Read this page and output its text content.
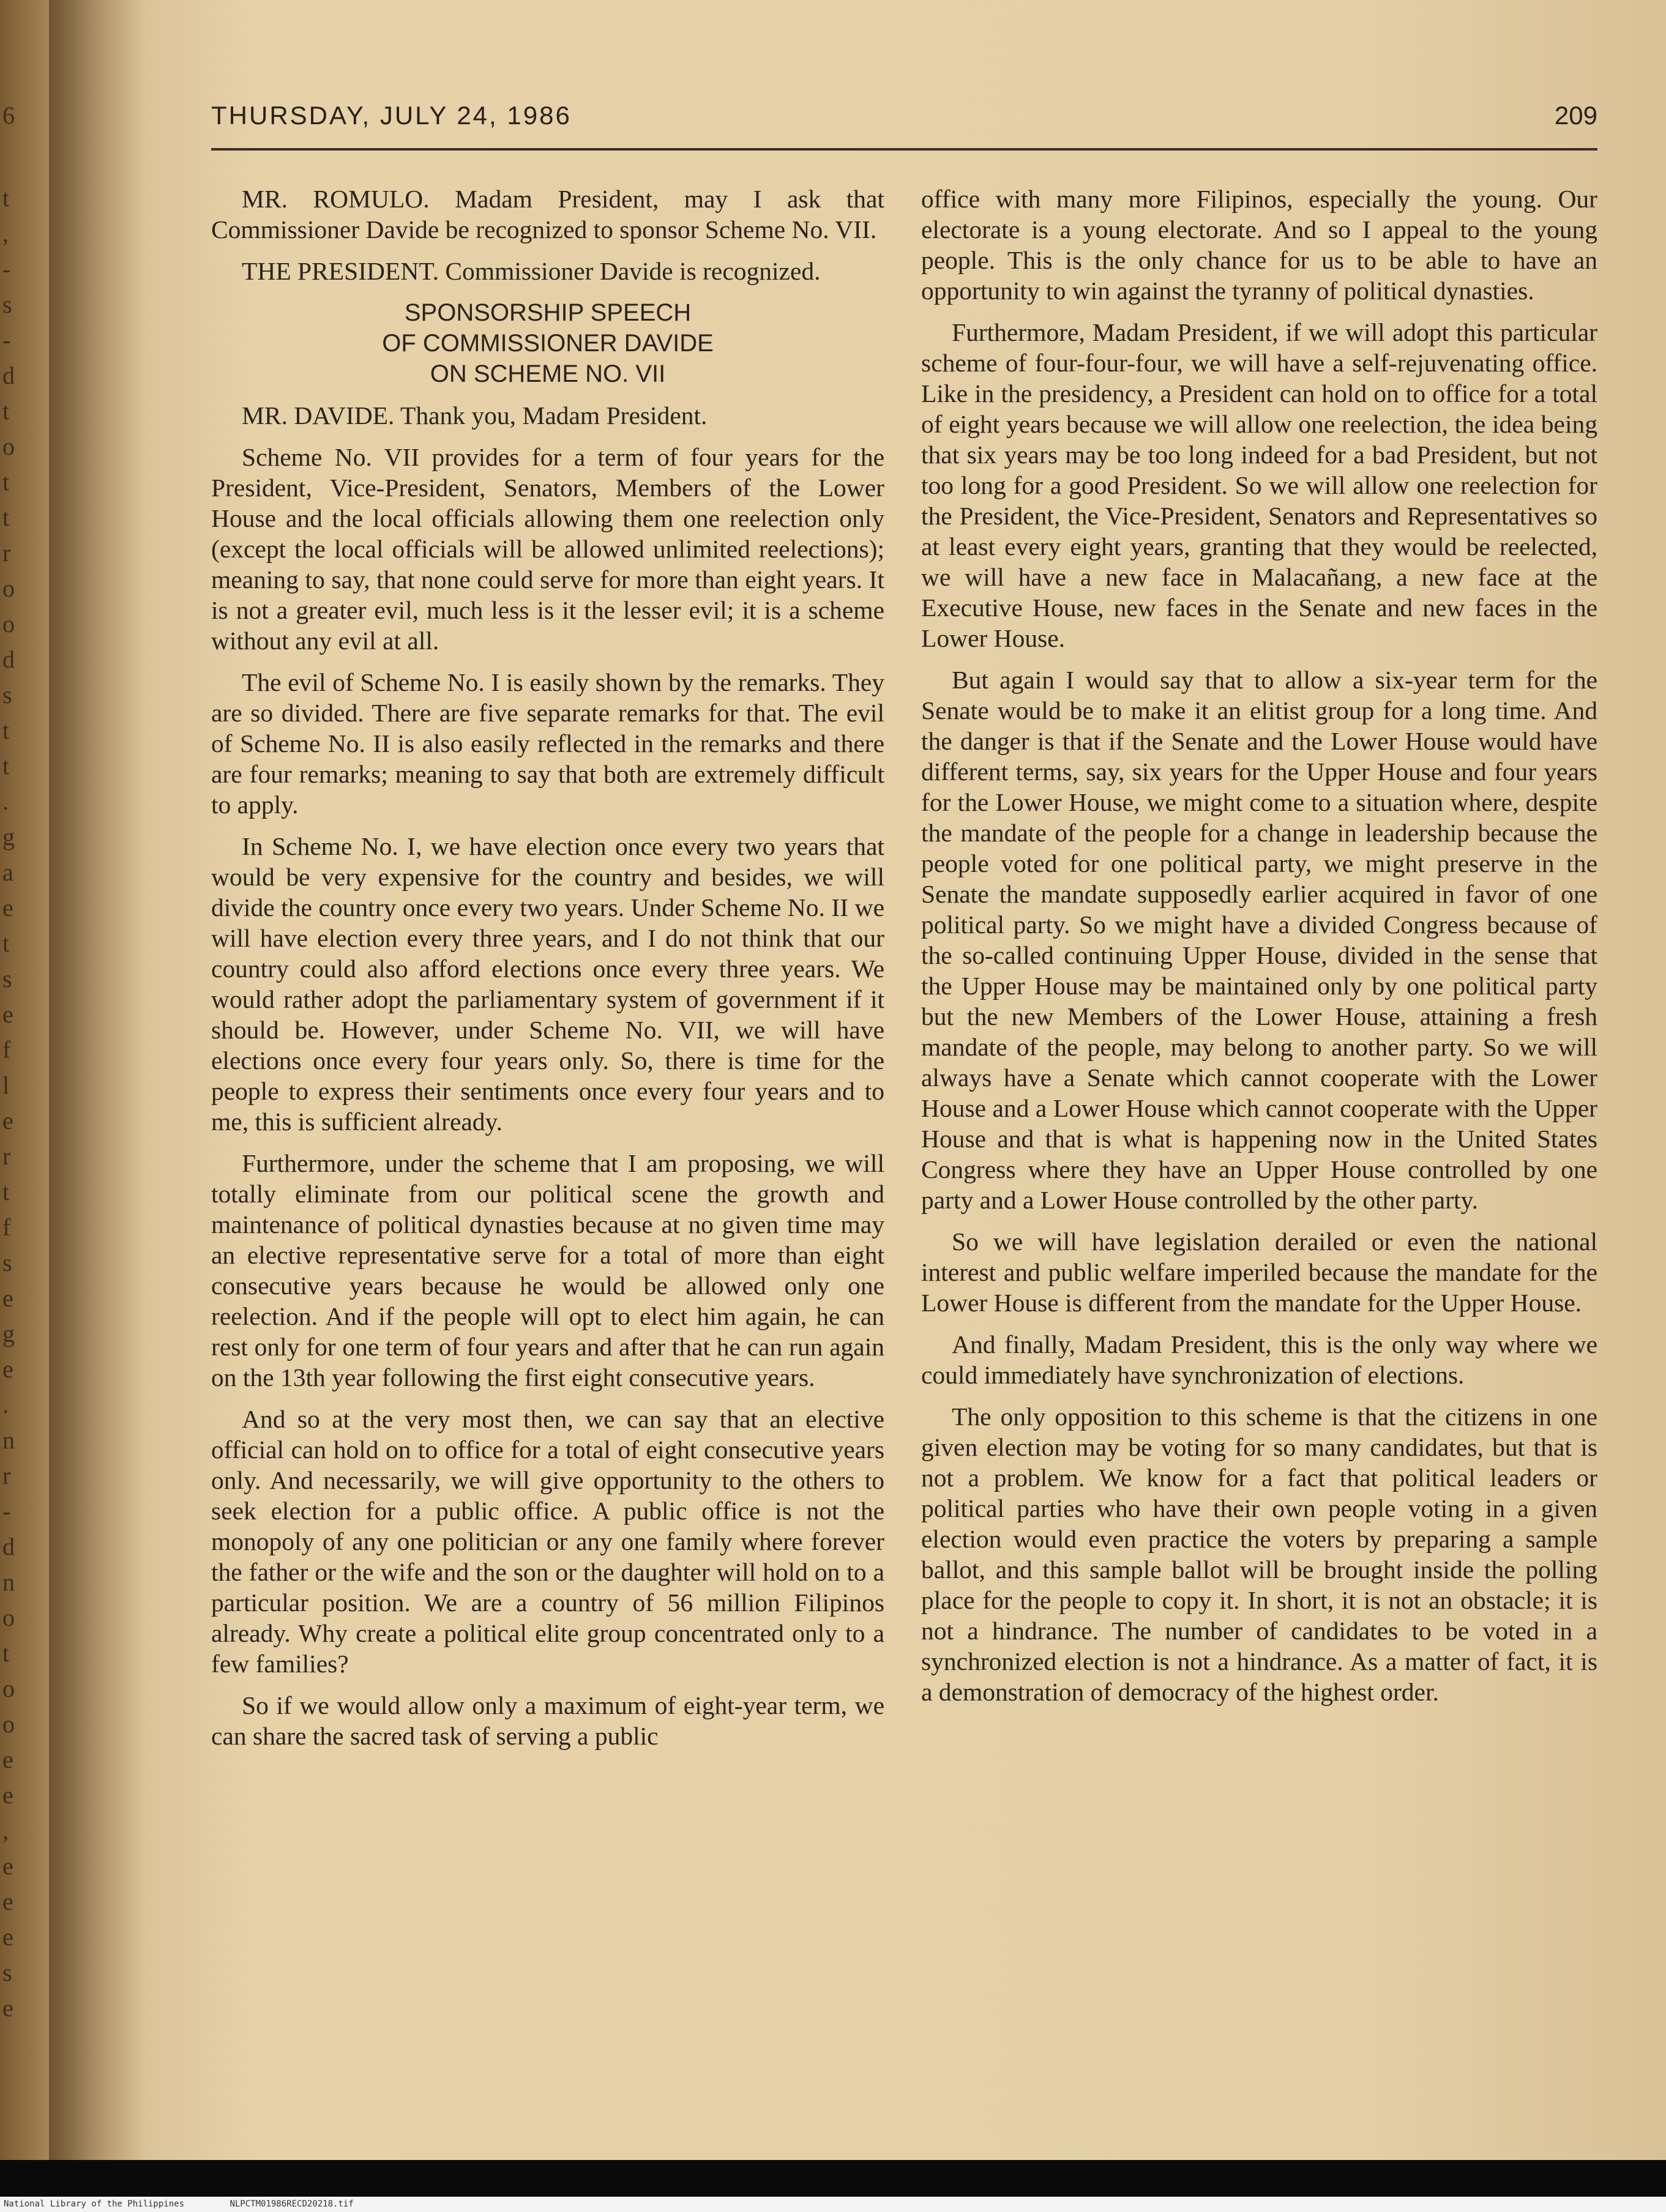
6
t
,
-
s
-
d
t
o
t
t
r
o
o
d
s
t
t
.
g
a
e
t
s
e
f
l
e
r
t
f
s
e
g
e
.
n
r
-
d
n
o
t
o
o
e
e
,
e
e
e
s
e
THURSDAY, JULY 24, 1986	209

MR. ROMULO. Madam President, may I ask that Commissioner Davide be recognized to sponsor Scheme No. VII.

THE PRESIDENT. Commissioner Davide is recognized.

SPONSORSHIP SPEECH
OF COMMISSIONER DAVIDE
ON SCHEME NO. VII

MR. DAVIDE. Thank you, Madam President.

Scheme No. VII provides for a term of four years for the President, Vice-President, Senators, Members of the Lower House and the local officials allowing them one reelection only (except the local officials will be allowed unlimited reelections); meaning to say, that none could serve for more than eight years. It is not a greater evil, much less is it the lesser evil; it is a scheme without any evil at all.

The evil of Scheme No. I is easily shown by the remarks. They are so divided. There are five separate remarks for that. The evil of Scheme No. II is also easily reflected in the remarks and there are four remarks; meaning to say that both are extremely difficult to apply.

In Scheme No. I, we have election once every two years that would be very expensive for the country and besides, we will divide the country once every two years. Under Scheme No. II we will have election every three years, and I do not think that our country could also afford elections once every three years. We would rather adopt the parliamentary system of government if it should be. However, under Scheme No. VII, we will have elections once every four years only. So, there is time for the people to express their sentiments once every four years and to me, this is sufficient already.

Furthermore, under the scheme that I am proposing, we will totally eliminate from our political scene the growth and maintenance of political dynasties because at no given time may an elective representative serve for a total of more than eight consecutive years because he would be allowed only one reelection. And if the people will opt to elect him again, he can rest only for one term of four years and after that he can run again on the 13th year following the first eight consecutive years.

And so at the very most then, we can say that an elective official can hold on to office for a total of eight consecutive years only. And necessarily, we will give opportunity to the others to seek election for a public office. A public office is not the monopoly of any one politician or any one family where forever the father or the wife and the son or the daughter will hold on to a particular position. We are a country of 56 million Filipinos already. Why create a political elite group concentrated only to a few families?

So if we would allow only a maximum of eight-year term, we can share the sacred task of serving a public

office with many more Filipinos, especially the young. Our electorate is a young electorate. And so I appeal to the young people. This is the only chance for us to be able to have an opportunity to win against the tyranny of political dynasties.

Furthermore, Madam President, if we will adopt this particular scheme of four-four-four, we will have a self-rejuvenating office. Like in the presidency, a President can hold on to office for a total of eight years because we will allow one reelection, the idea being that six years may be too long indeed for a bad President, but not too long for a good President. So we will allow one reelection for the President, the Vice-President, Senators and Representatives so at least every eight years, granting that they would be reelected, we will have a new face in Malacañang, a new face at the Executive House, new faces in the Senate and new faces in the Lower House.

But again I would say that to allow a six-year term for the Senate would be to make it an elitist group for a long time. And the danger is that if the Senate and the Lower House would have different terms, say, six years for the Upper House and four years for the Lower House, we might come to a situation where, despite the mandate of the people for a change in leadership because the people voted for one political party, we might preserve in the Senate the mandate supposedly earlier acquired in favor of one political party. So we might have a divided Congress because of the so-called continuing Upper House, divided in the sense that the Upper House may be maintained only by one political party but the new Members of the Lower House, attaining a fresh mandate of the people, may belong to another party. So we will always have a Senate which cannot cooperate with the Lower House and a Lower House which cannot cooperate with the Upper House and that is what is happening now in the United States Congress where they have an Upper House controlled by one party and a Lower House controlled by the other party.

So we will have legislation derailed or even the national interest and public welfare imperiled because the mandate for the Lower House is different from the mandate for the Upper House.

And finally, Madam President, this is the only way where we could immediately have synchronization of elections.

The only opposition to this scheme is that the citizens in one given election may be voting for so many candidates, but that is not a problem. We know for a fact that political leaders or political parties who have their own people voting in a given election would even practice the voters by preparing a sample ballot, and this sample ballot will be brought inside the polling place for the people to copy it. In short, it is not an obstacle; it is not a hindrance. The number of candidates to be voted in a synchronized election is not a hindrance. As a matter of fact, it is a demonstration of democracy of the highest order.

National Library of the Philippines	NLPCTM01986RECD20218.tif
